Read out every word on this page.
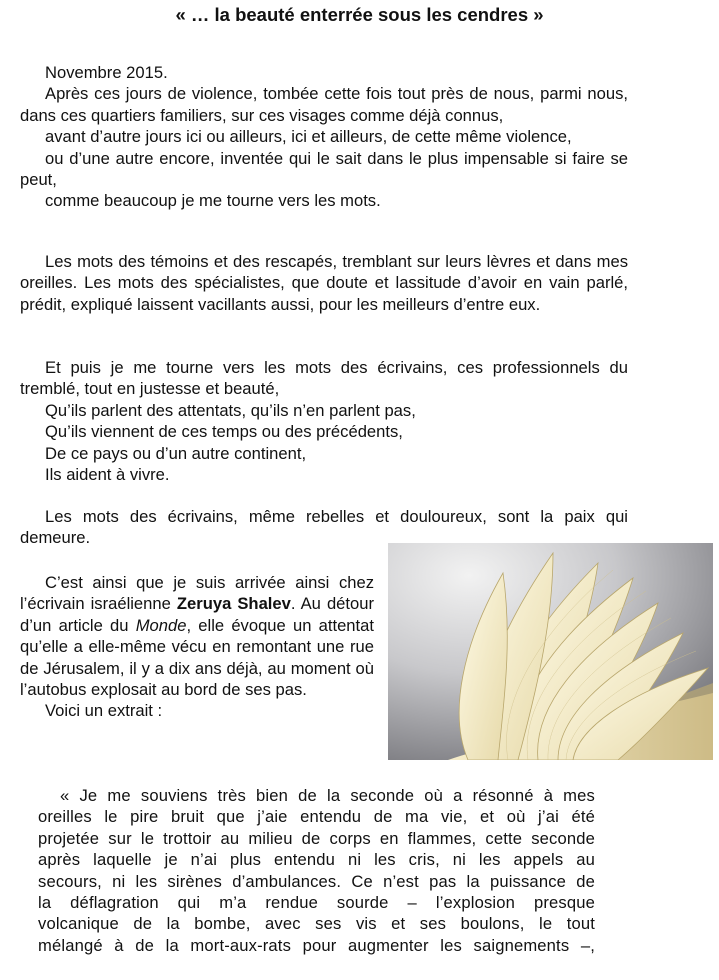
« … la beauté enterrée sous les cendres »
Novembre 2015.
Après ces jours de violence, tombée cette fois tout près de nous, parmi nous, dans ces quartiers familiers, sur ces visages comme déjà connus,
avant d’autre jours ici ou ailleurs, ici et ailleurs, de cette même violence,
ou d’une autre encore, inventée qui le sait dans le plus impensable si faire se peut,
comme beaucoup je me tourne vers les mots.
Les mots des témoins et des rescapés, tremblant sur leurs lèvres et dans mes oreilles. Les mots des spécialistes, que doute et lassitude d’avoir en vain parlé, prédit, expliqué laissent vacillants aussi, pour les meilleurs d’entre eux.
Et puis je me tourne vers les mots des écrivains, ces professionnels du tremblé, tout en justesse et beauté,
Qu’ils parlent des attentats, qu’ils n’en parlent pas,
Qu’ils viennent de ces temps ou des précédents,
De ce pays ou d’un autre continent,
Ils aident à vivre.
Les mots des écrivains, même rebelles et douloureux, sont la paix qui demeure.
C’est ainsi que je suis arrivée ainsi chez l’écrivain israélienne Zeruya Shalev. Au détour d’un article du Monde, elle évoque un attentat qu’elle a elle-même vécu en remontant une rue de Jérusalem, il y a dix ans déjà, au moment où l’autobus explosait au bord de ses pas.
Voici un extrait :
« Je me souviens très bien de la seconde où a résonné à mes
oreilles le pire bruit que j’aie entendu de ma vie, et où j’ai été
projetée sur le trottoir au milieu de corps en flammes, cette seconde
après laquelle je n’ai plus entendu ni les cris, ni les appels au
secours, ni les sirènes d’ambulances. Ce n’est pas la puissance de
la déflagration qui m’a rendue sourde – l’explosion presque
volcanique de la bombe, avec ses vis et ses boulons, le tout
mélangé à de la mort-aux-rats pour augmenter les saignements –,
